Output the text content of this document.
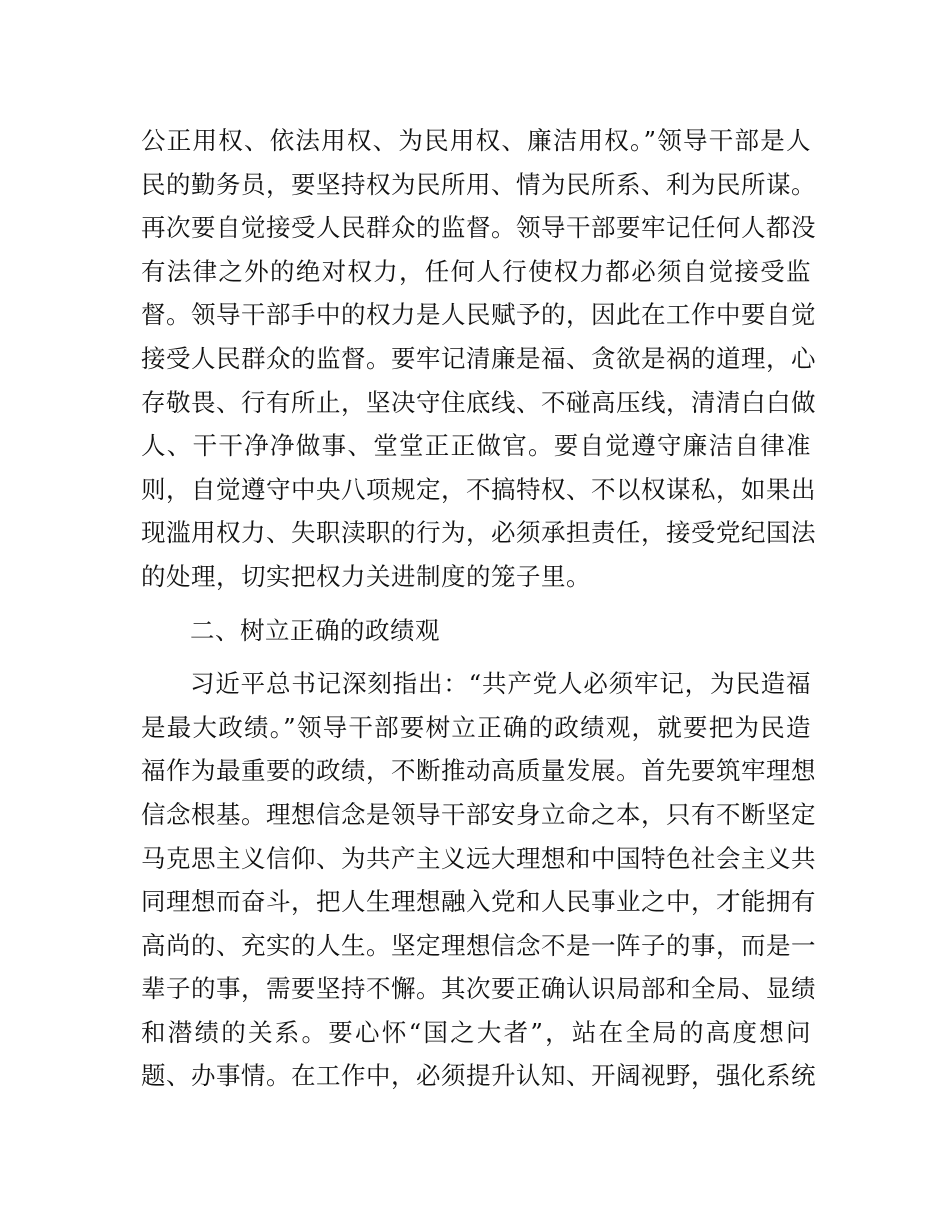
公正用权、依法用权、为民用权、廉洁用权。”领导干部是人
民的勤务员，要坚持权为民所用、情为民所系、利为民所谋。
再次要自觉接受人民群众的监督。领导干部要牢记任何人都没
有法律之外的绝对权力，任何人行使权力都必须自觉接受监
督。领导干部手中的权力是人民赋予的，因此在工作中要自觉
接受人民群众的监督。要牢记清廉是福、贪欲是祸的道理，心
存敬畏、行有所止，坚决守住底线、不碰高压线，清清白白做
人、干干净净做事、堂堂正正做官。要自觉遵守廉洁自律准
则，自觉遵守中央八项规定，不搞特权、不以权谋私，如果出
现滥用权力、失职渎职的行为，必须承担责任，接受党纪国法
的处理，切实把权力关进制度的笼子里。
二、树立正确的政绩观
习近平总书记深刻指出：“共产党人必须牢记，为民造福
是最大政绩。”领导干部要树立正确的政绩观，就要把为民造
福作为最重要的政绩，不断推动高质量发展。首先要筑牢理想
信念根基。理想信念是领导干部安身立命之本，只有不断坚定
马克思主义信仰、为共产主义远大理想和中国特色社会主义共
同理想而奋斗，把人生理想融入党和人民事业之中，才能拥有
高尚的、充实的人生。坚定理想信念不是一阵子的事，而是一
辈子的事，需要坚持不懈。其次要正确认识局部和全局、显绩
和潜绩的关系。要心怀“国之大者”，站在全局的高度想问
题、办事情。在工作中，必须提升认知、开阔视野，强化系统
